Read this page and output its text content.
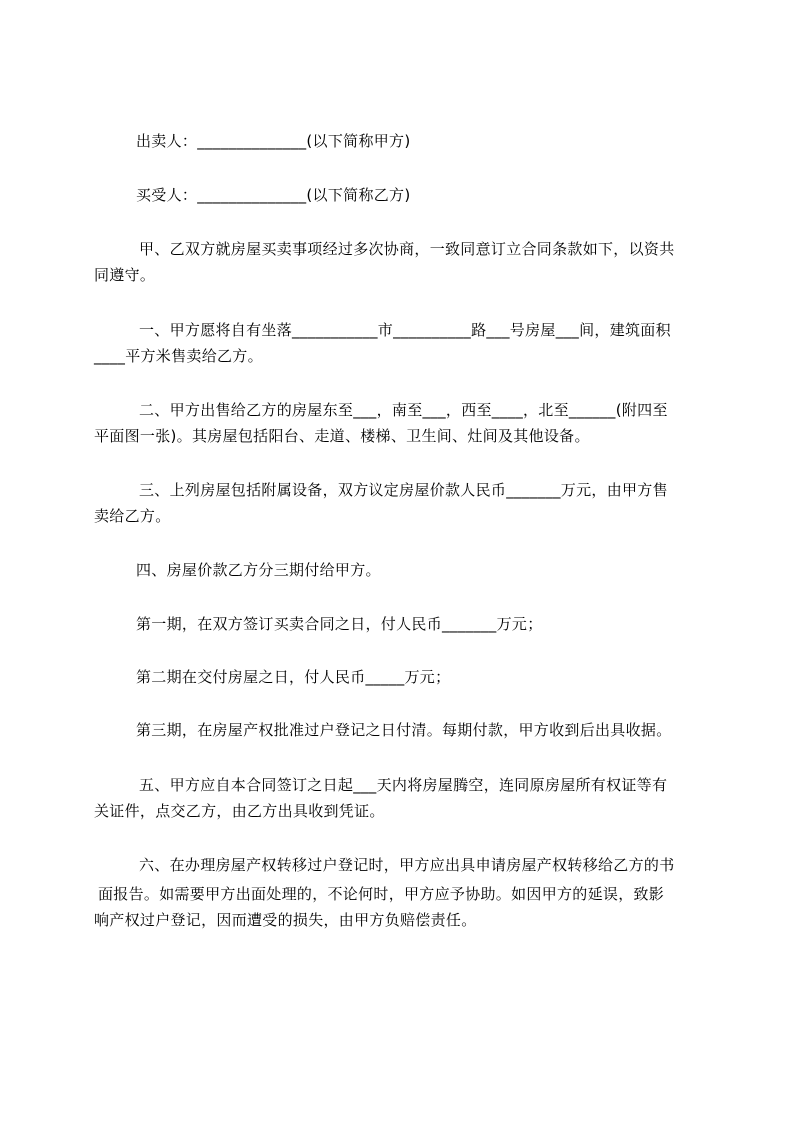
出卖人：______________(以下简称甲方)
买受人：______________(以下简称乙方)
甲、乙双方就房屋买卖事项经过多次协商，一致同意订立合同条款如下，以资共
同遵守。
一、甲方愿将自有坐落___________市__________路___号房屋___间，建筑面积
____平方米售卖给乙方。
二、甲方出售给乙方的房屋东至___，南至___，西至____，北至______(附四至
平面图一张)。其房屋包括阳台、走道、楼梯、卫生间、灶间及其他设备。
三、上列房屋包括附属设备，双方议定房屋价款人民币_______万元，由甲方售
卖给乙方。
四、房屋价款乙方分三期付给甲方。
第一期，在双方签订买卖合同之日，付人民币_______万元；
第二期在交付房屋之日，付人民币_____万元；
第三期，在房屋产权批准过户登记之日付清。每期付款，甲方收到后出具收据。
五、甲方应自本合同签订之日起___天内将房屋腾空，连同原房屋所有权证等有
关证件，点交乙方，由乙方出具收到凭证。
六、在办理房屋产权转移过户登记时，甲方应出具申请房屋产权转移给乙方的书
面报告。如需要甲方出面处理的，不论何时，甲方应予协助。如因甲方的延误，致影
响产权过户登记，因而遭受的损失，由甲方负赔偿责任。
